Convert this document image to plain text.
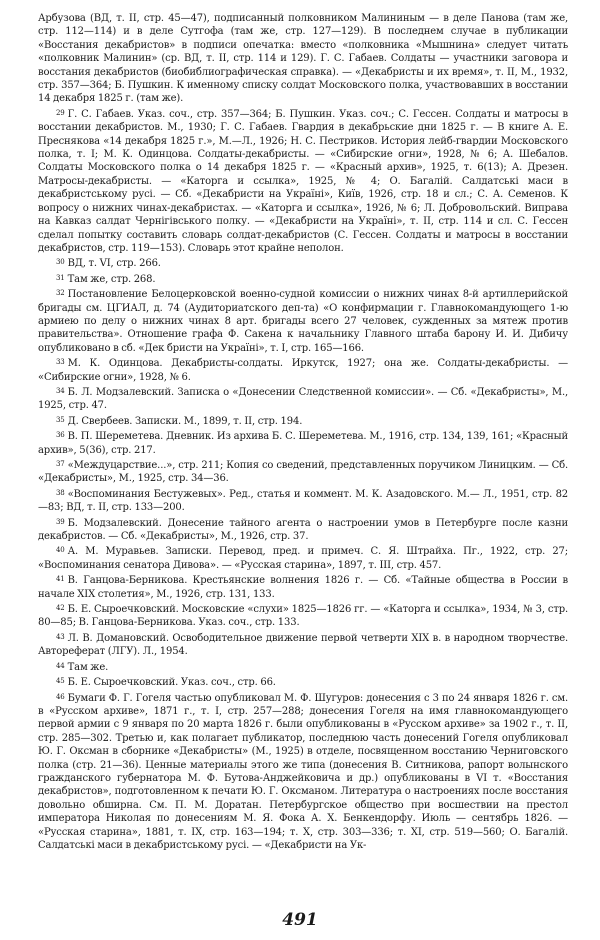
Арбузова (ВД, т. II, стр. 45—47), подписанный полковником Малининым — в деле Панова (там же, стр. 112—114) и в деле Сутгофа (там же, стр. 127—129). В последнем случае в публикации «Восстания декабристов» в подписи опечатка: вместо «полковника «Мышнина» следует читать «полковник Малинин» (ср. ВД, т. II, стр. 114 и 129). Г. С. Габаев. Солдаты — участники заговора и восстания декабристов (биобиблиографическая справка). — «Декабристы и их время», т. II, М., 1932, стр. 357—364; Б. Пушкин. К именному списку солдат Московского полка, участвовавших в восстании 14 декабря 1825 г. (там же).

$^{29}$ Г. С. Габаев. Указ. соч., стр. 357—364; Б. Пушкин. Указ. соч.; С. Гессен. Солдаты и матросы в восстании декабристов. М., 1930; Г. С. Габаев. Гвардия в декабрьские дни 1825 г. — В книге А. Е. Преснякова «14 декабря 1825 г.», М.—Л., 1926; Н. С. Пестриков. История лейб-гвардии Московского полка, т. I; М. К. Одинцова. Солдаты-декабристы. — «Сибирские огни», 1928, № 6; А. Шебалов. Солдаты Московского полка о 14 декабря 1825 г. — «Красный архив», 1925, т. 6(13); А. Дрезен. Матросы-декабристы. — «Каторга и ссылка», 1925, № 4; О. Багалій. Салдатські маси в декабристському русі. — Сб. «Декабристи на Україні», Київ, 1926, стр. 18 и сл.; С. А. Семенов. К вопросу о нижних чинах-декабристах. — «Каторга и ссылка», 1926, № 6; Л. Добровольский. Виправа на Кавказ салдат Чернігівського полку. — «Декабристи на Україні», т. II, стр. 114 и сл. С. Гессен сделал попытку составить словарь солдат-декабристов (С. Гессен. Солдаты и матросы в восстании декабристов, стр. 119—153). Словарь этот крайне неполон.

$^{30}$ ВД, т. VI, стр. 266.

$^{31}$ Там же, стр. 268.

$^{32}$ Постановление Белоцерковской военно-судной комиссии о нижних чинах 8-й артиллерийской бригады см. ЦГИАЛ, д. 74 (Аудиториатского деп-та) «О конфирмации г. Главнокомандующего 1-ю армиею по делу о нижних чинах 8 арт. бригады всего 27 человек, сужденных за мятеж против правительства». Отношение графа Ф. Сакена к начальнику Главного штаба барону И. И. Дибичу опубликовано в сб. «Дек бристи на Україні», т. I, стр. 165—166.

$^{33}$ М. К. Одинцова. Декабристы-солдаты. Иркутск, 1927; она же. Солдаты-декабристы. — «Сибирские огни», 1928, № 6.

$^{34}$ Б. Л. Модзалевский. Записка о «Донесении Следственной комиссии». — Сб. «Декабристы», М., 1925, стр. 47.

$^{35}$ Д. Свербеев. Записки. М., 1899, т. II, стр. 194.

$^{36}$ В. П. Шереметева. Дневник. Из архива Б. С. Шереметева. М., 1916, стр. 134, 139, 161; «Красный архив», 5(36), стр. 217.

$^{37}$ «Междуцарствие...», стр. 211; Копия со сведений, представленных поручиком Линицким. — Сб. «Декабристы», М., 1925, стр. 34—36.

$^{38}$ «Воспоминания Бестужевых». Ред., статья и коммент. М. К. Азадовского. М.— Л., 1951, стр. 82—83; ВД, т. II, стр. 133—200.

$^{39}$ Б. Модзалевский. Донесение тайного агента о настроении умов в Петербурге после казни декабристов. — Сб. «Декабристы», М., 1926, стр. 37.

$^{40}$ А. М. Муравьев. Записки. Перевод, пред. и примеч. С. Я. Штрайха. Пг., 1922, стр. 27; «Воспоминания сенатора Дивова». — «Русская старина», 1897, т. III, стр. 457.

$^{41}$ В. Ганцова-Берникова. Крестьянские волнения 1826 г. — Сб. «Тайные общества в России в начале XIX столетия», М., 1926, стр. 131, 133.

$^{42}$ Б. Е. Сыроечковский. Московские «слухи» 1825—1826 гг. — «Каторга и ссылка», 1934, № 3, стр. 80—85; В. Ганцова-Берникова. Указ. соч., стр. 133.

$^{43}$ Л. В. Домановский. Освободительное движение первой четверти XIX в. в народном творчестве. Автореферат (ЛГУ). Л., 1954.

$^{44}$ Там же.

$^{45}$ Б. Е. Сыроечковский. Указ. соч., стр. 66.

$^{46}$ Бумаги Ф. Г. Гогеля частью опубликовал М. Ф. Шугуров: донесения с 3 по 24 января 1826 г. см. в «Русском архиве», 1871 г., т. I, стр. 257—288; донесения Гогеля на имя главнокомандующего первой армии с 9 января по 20 марта 1826 г. были опубликованы в «Русском архиве» за 1902 г., т. II, стр. 285—302. Третью и, как полагает публикатор, последнюю часть донесений Гогеля опубликовал Ю. Г. Оксман в сборнике «Декабристы» (М., 1925) в отделе, посвященном восстанию Черниговского полка (стр. 21—36). Ценные материалы этого же типа (донесения В. Ситникова, рапорт волынского гражданского губернатора М. Ф. Бутова-Анджейковича и др.) опубликованы в VI т. «Восстания декабристов», подготовленном к печати Ю. Г. Оксманом. Литература о настроениях после восстания довольно обширна. См. П. М. Доратан. Петербургское общество при восшествии на престол императора Николая по донесениям М. Я. Фока А. Х. Бенкендорфу. Июль — сентябрь 1826. — «Русская старина», 1881, т. IX, стр. 163—194; т. X, стр. 303—336; т. XI, стр. 519—560; О. Багалій. Салдатські маси в декабристському русі. — «Декабристи на Ук-

491
